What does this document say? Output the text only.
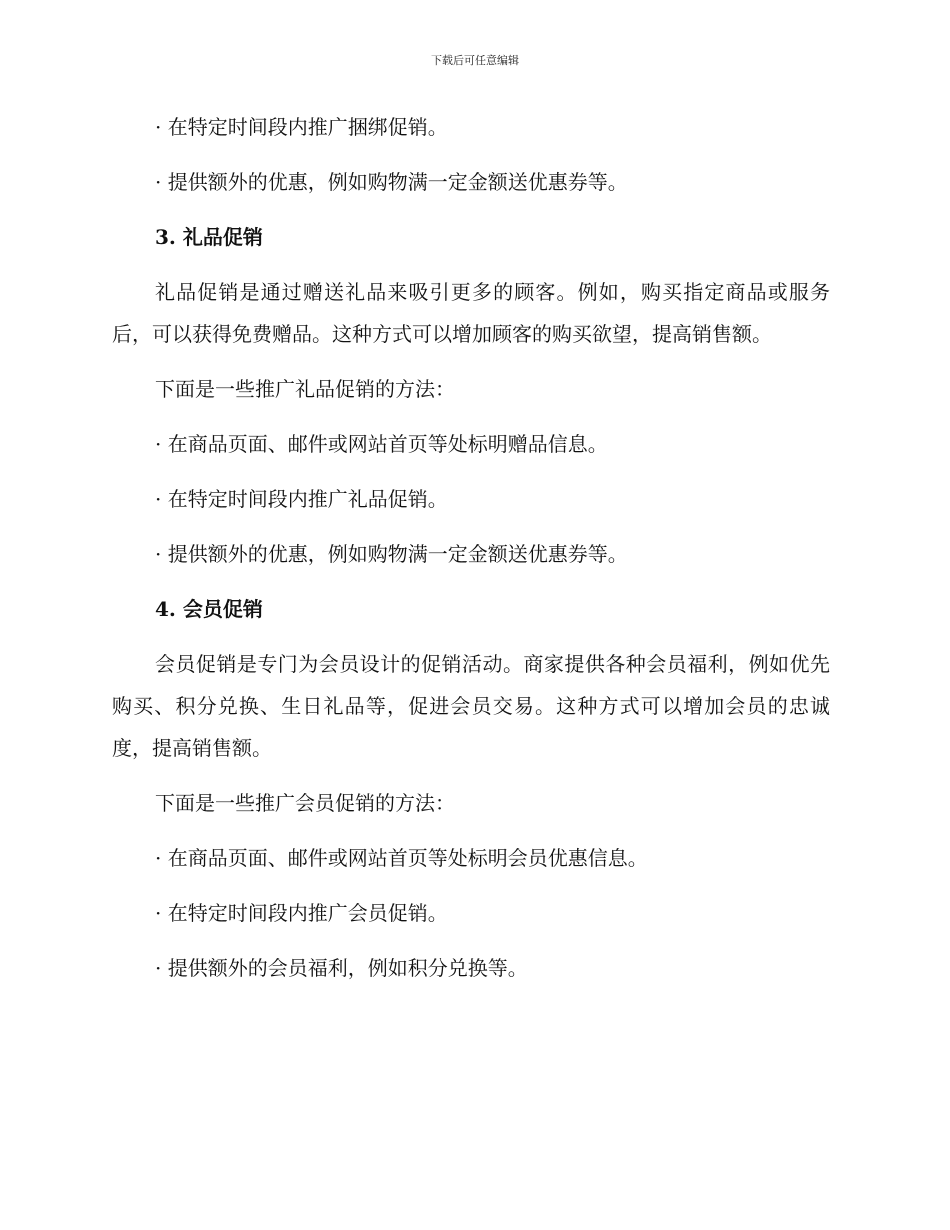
下载后可任意编辑
· 在特定时间段内推广捆绑促销。
· 提供额外的优惠，例如购物满一定金额送优惠券等。
3. 礼品促销
礼品促销是通过赠送礼品来吸引更多的顾客。例如，购买指定商品或服务后，可以获得免费赠品。这种方式可以增加顾客的购买欲望，提高销售额。
下面是一些推广礼品促销的方法：
· 在商品页面、邮件或网站首页等处标明赠品信息。
· 在特定时间段内推广礼品促销。
· 提供额外的优惠，例如购物满一定金额送优惠券等。
4. 会员促销
会员促销是专门为会员设计的促销活动。商家提供各种会员福利，例如优先购买、积分兑换、生日礼品等，促进会员交易。这种方式可以增加会员的忠诚度，提高销售额。
下面是一些推广会员促销的方法：
· 在商品页面、邮件或网站首页等处标明会员优惠信息。
· 在特定时间段内推广会员促销。
· 提供额外的会员福利，例如积分兑换等。
